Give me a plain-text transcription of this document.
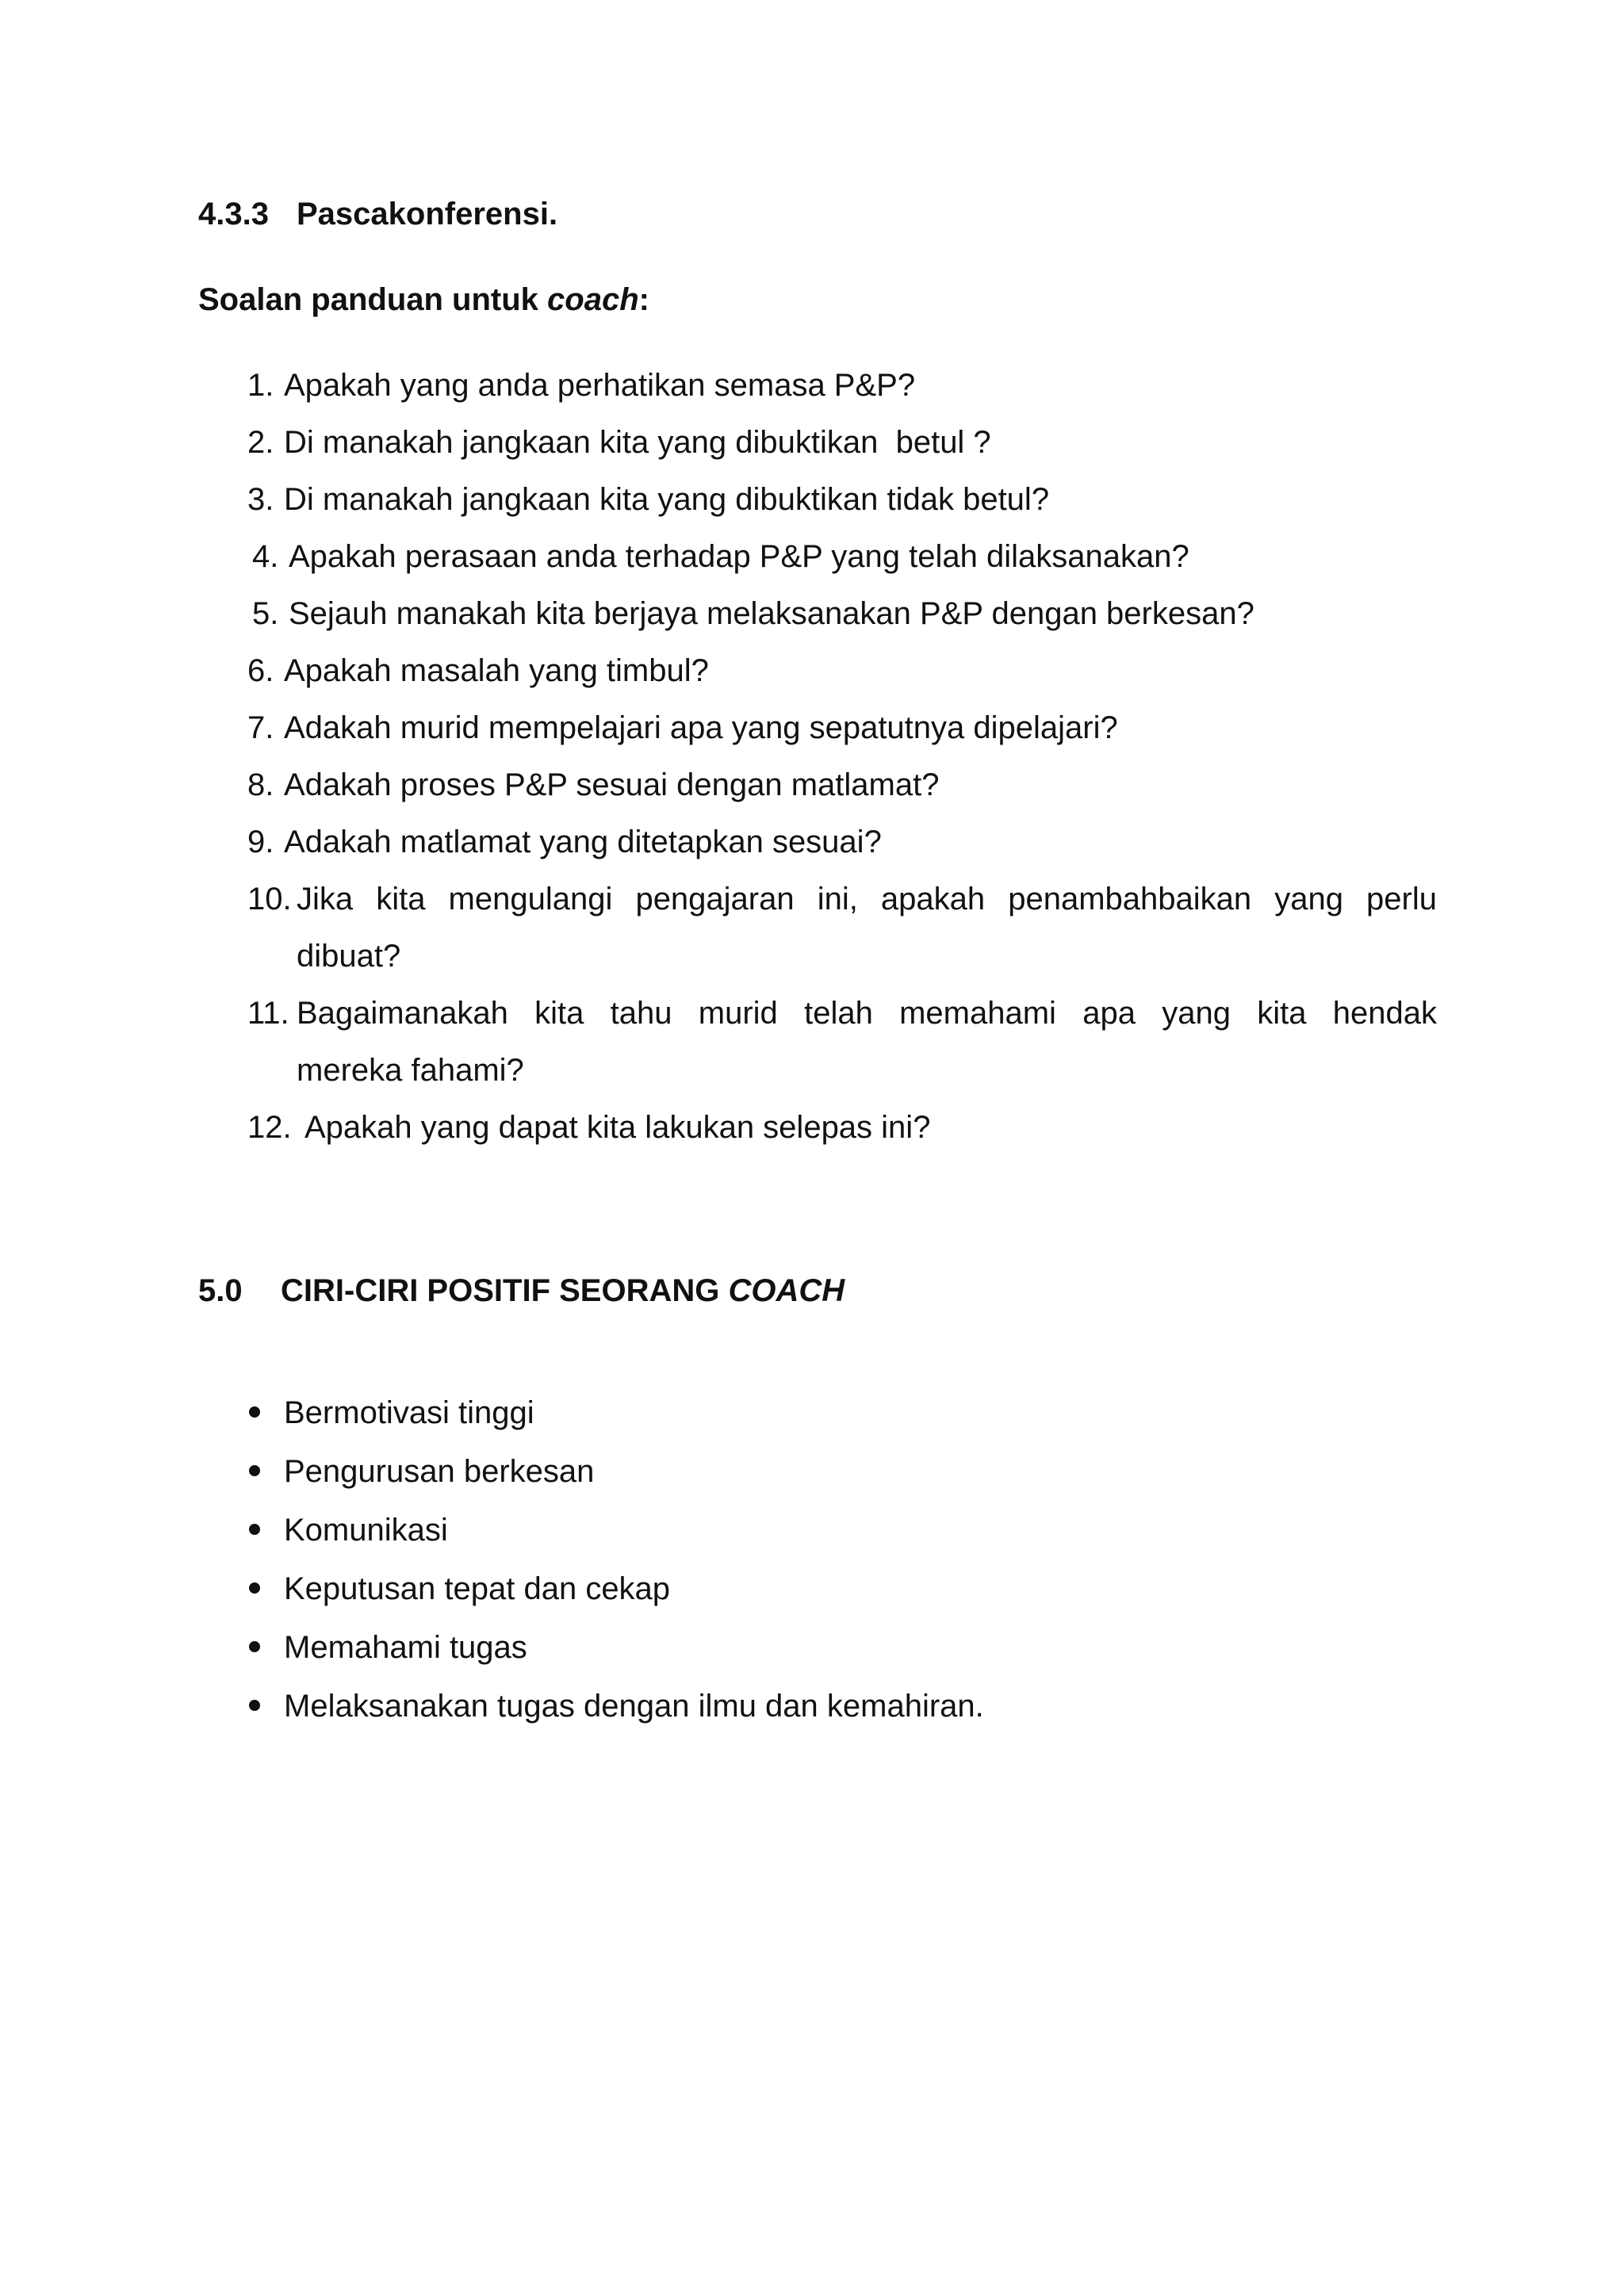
4.3.3 Pascakonferensi.
Soalan panduan untuk coach:
1. Apakah yang anda perhatikan semasa P&P?
2. Di manakah jangkaan kita yang dibuktikan  betul ?
3. Di manakah jangkaan kita yang dibuktikan tidak betul?
4. Apakah perasaan anda terhadap P&P yang telah dilaksanakan?
5. Sejauh manakah kita berjaya melaksanakan P&P dengan berkesan?
6. Apakah masalah yang timbul?
7. Adakah murid mempelajari apa yang sepatutnya dipelajari?
8. Adakah proses P&P sesuai dengan matlamat?
9. Adakah matlamat yang ditetapkan sesuai?
10. Jika kita mengulangi pengajaran ini, apakah penambahbaikan yang perlu
dibuat?
11. Bagaimanakah kita tahu murid telah memahami apa yang kita hendak
mereka fahami?
12. Apakah yang dapat kita lakukan selepas ini?
5.0 CIRI-CIRI POSITIF SEORANG COACH
Bermotivasi tinggi
Pengurusan berkesan
Komunikasi
Keputusan tepat dan cekap
Memahami tugas
Melaksanakan tugas dengan ilmu dan kemahiran.
